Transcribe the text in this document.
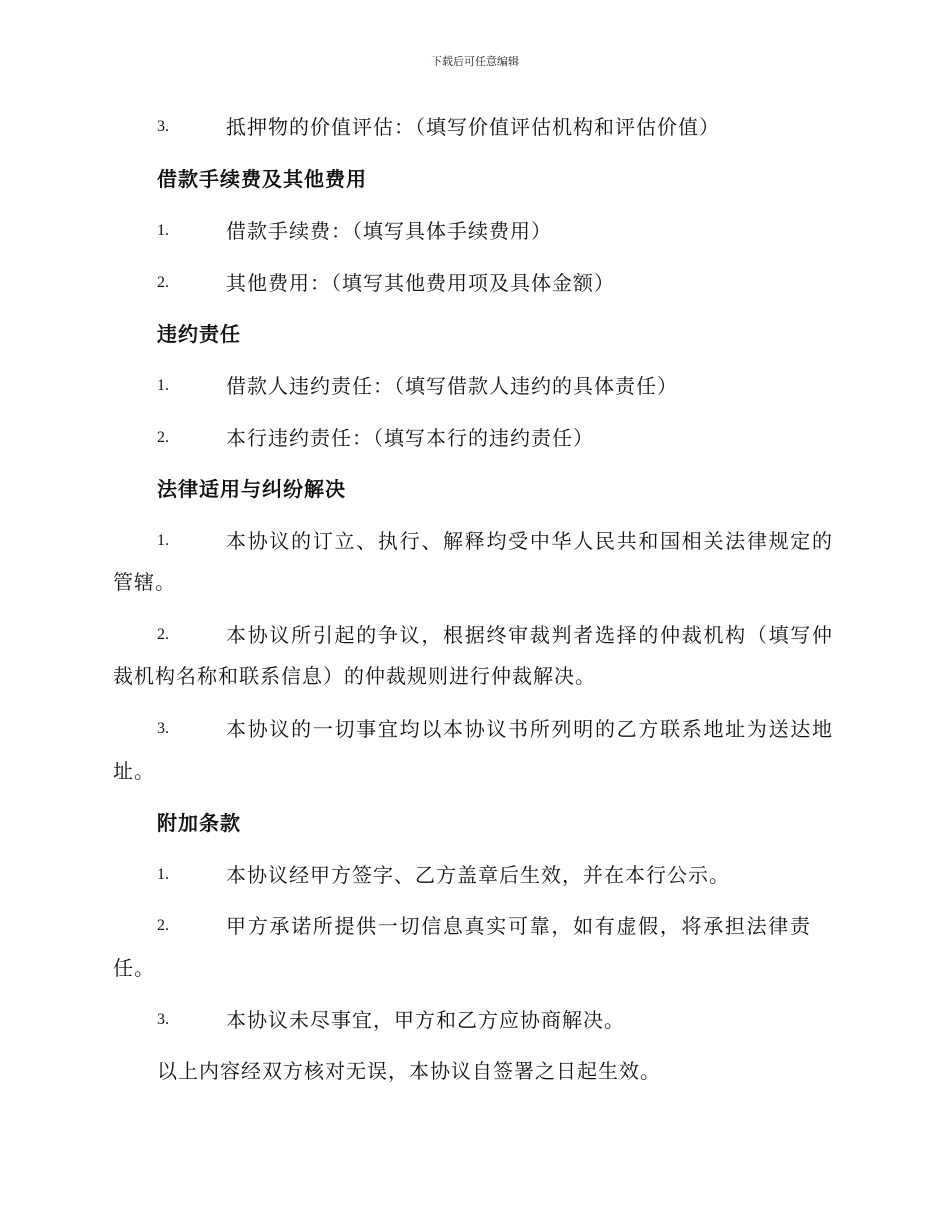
下载后可任意编辑
3.	抵押物的价值评估：（填写价值评估机构和评估价值）
借款手续费及其他费用
1.	借款手续费：（填写具体手续费用）
2.	其他费用：（填写其他费用项及具体金额）
违约责任
1.	借款人违约责任：（填写借款人违约的具体责任）
2.	本行违约责任：（填写本行的违约责任）
法律适用与纠纷解决
1.	本协议的订立、执行、解释均受中华人民共和国相关法律规定的
管辖。
2.	本协议所引起的争议，根据终审裁判者选择的仲裁机构（填写仲
裁机构名称和联系信息）的仲裁规则进行仲裁解决。
3.	本协议的一切事宜均以本协议书所列明的乙方联系地址为送达地
址。
附加条款
1.	本协议经甲方签字、乙方盖章后生效，并在本行公示。
2.	甲方承诺所提供一切信息真实可靠，如有虚假，将承担法律责
任。
3.	本协议未尽事宜，甲方和乙方应协商解决。
以上内容经双方核对无误，本协议自签署之日起生效。
